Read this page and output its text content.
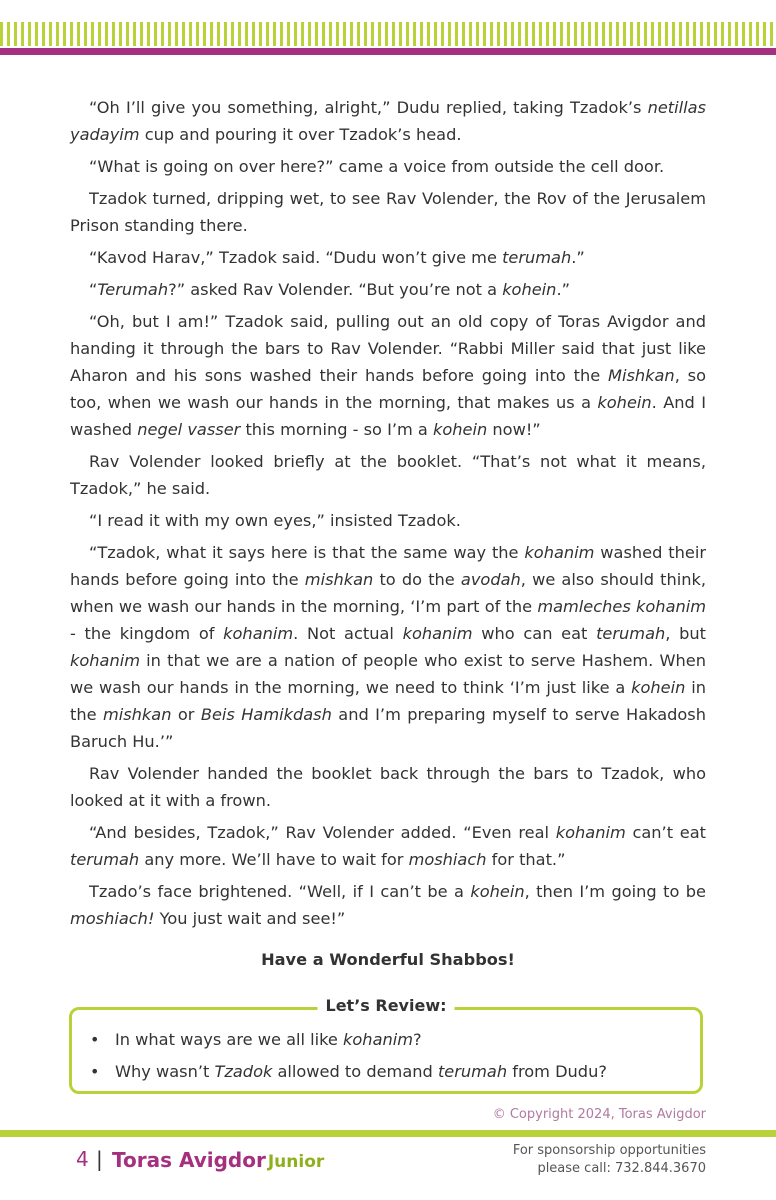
“Oh I’ll give you something, alright,” Dudu replied, taking Tzadok’s netillas yadayim cup and pouring it over Tzadok’s head.

“What is going on over here?” came a voice from outside the cell door.

Tzadok turned, dripping wet, to see Rav Volender, the Rov of the Jerusalem Prison standing there.

“Kavod Harav,” Tzadok said. “Dudu won’t give me terumah.”

“Terumah?” asked Rav Volender. “But you’re not a kohein.”

“Oh, but I am!” Tzadok said, pulling out an old copy of Toras Avigdor and handing it through the bars to Rav Volender. “Rabbi Miller said that just like Aharon and his sons washed their hands before going into the Mishkan, so too, when we wash our hands in the morning, that makes us a kohein. And I washed negel vasser this morning - so I’m a kohein now!”

Rav Volender looked briefly at the booklet. “That’s not what it means, Tzadok,” he said.

“I read it with my own eyes,” insisted Tzadok.

“Tzadok, what it says here is that the same way the kohanim washed their hands before going into the mishkan to do the avodah, we also should think, when we wash our hands in the morning, ‘I’m part of the mamleches kohanim - the kingdom of kohanim. Not actual kohanim who can eat terumah, but kohanim in that we are a nation of people who exist to serve Hashem. When we wash our hands in the morning, we need to think ‘I’m just like a kohein in the mishkan or Beis Hamikdash and I’m preparing myself to serve Hakadosh Baruch Hu.’”

Rav Volender handed the booklet back through the bars to Tzadok, who looked at it with a frown.

“And besides, Tzadok,” Rav Volender added. “Even real kohanim can’t eat terumah any more. We’ll have to wait for moshiach for that.”

Tzado’s face brightened. “Well, if I can’t be a kohein, then I’m going to be moshiach! You just wait and see!”

Have a Wonderful Shabbos!

Let’s Review:
• In what ways are we all like kohanim?
• Why wasn’t Tzadok allowed to demand terumah from Dudu?
© Copyright 2024, Toras Avigdor
4 | Toras Avigdor Junior
For sponsorship opportunities
please call: 732.844.3670
